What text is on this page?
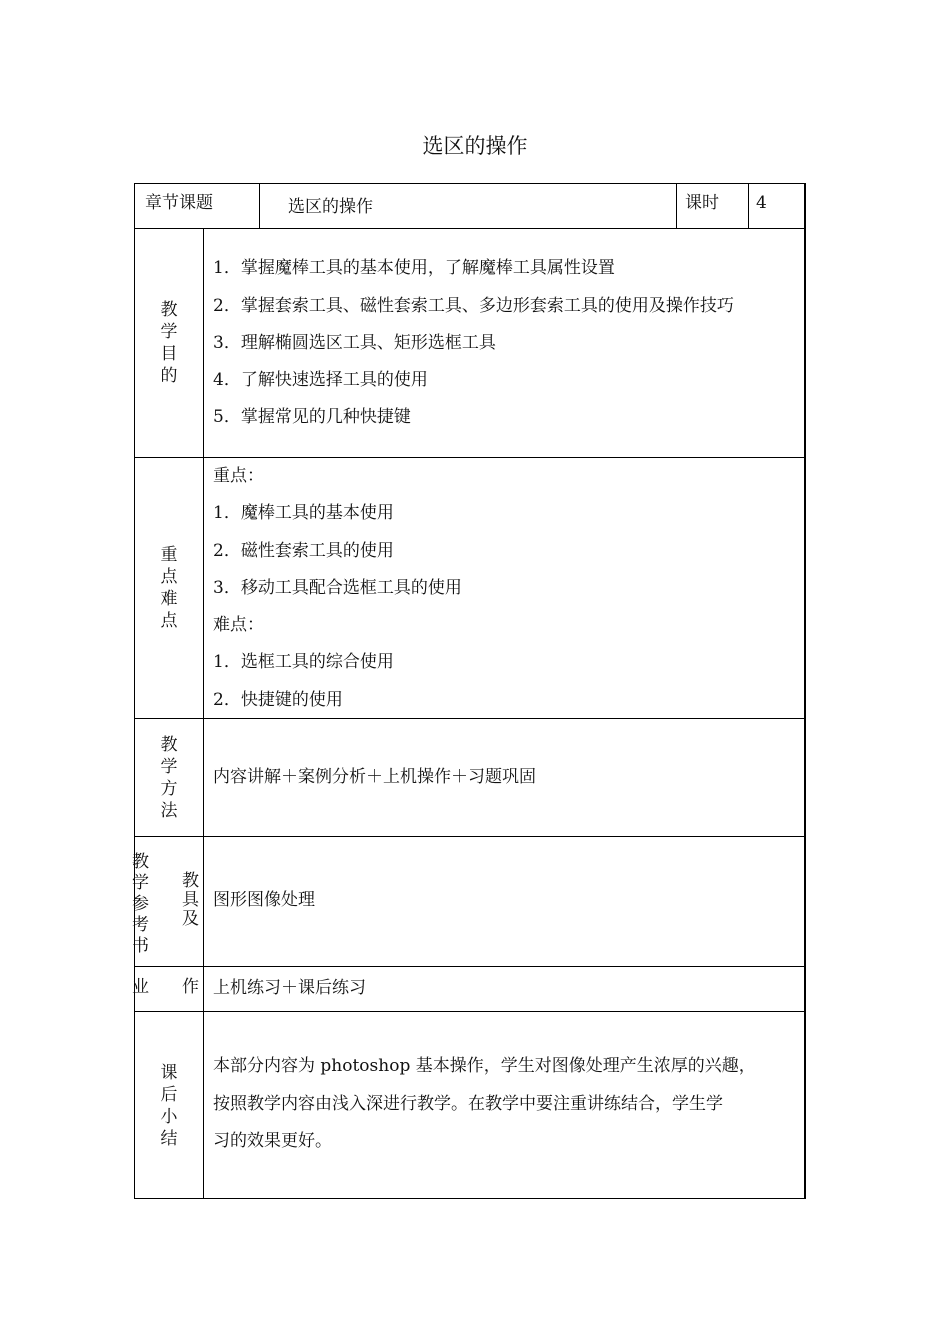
选区的操作
章节课题	选区的操作	课时 4
教
学
目
的
1．掌握魔棒工具的基本使用，了解魔棒工具属性设置
2．掌握套索工具、磁性套索工具、多边形套索工具的使用及操作技巧
3．理解椭圆选区工具、矩形选框工具
4．了解快速选择工具的使用
5．掌握常见的几种快捷键
重
点
难
点
重点：
1．魔棒工具的基本使用
2．磁性套索工具的使用
3．移动工具配合选框工具的使用
难点：
1．选框工具的综合使用
2．快捷键的使用
教
学
方
法
内容讲解＋案例分析＋上机操作＋习题巩固
教
学
参
考
书
教
具
及
图形图像处理
业 作 上机练习＋课后练习
课
后
小
结
本部分内容为 photoshop 基本操作，学生对图像处理产生浓厚的兴趣，
按照教学内容由浅入深进行教学。在教学中要注重讲练结合，学生学
习的效果更好。
